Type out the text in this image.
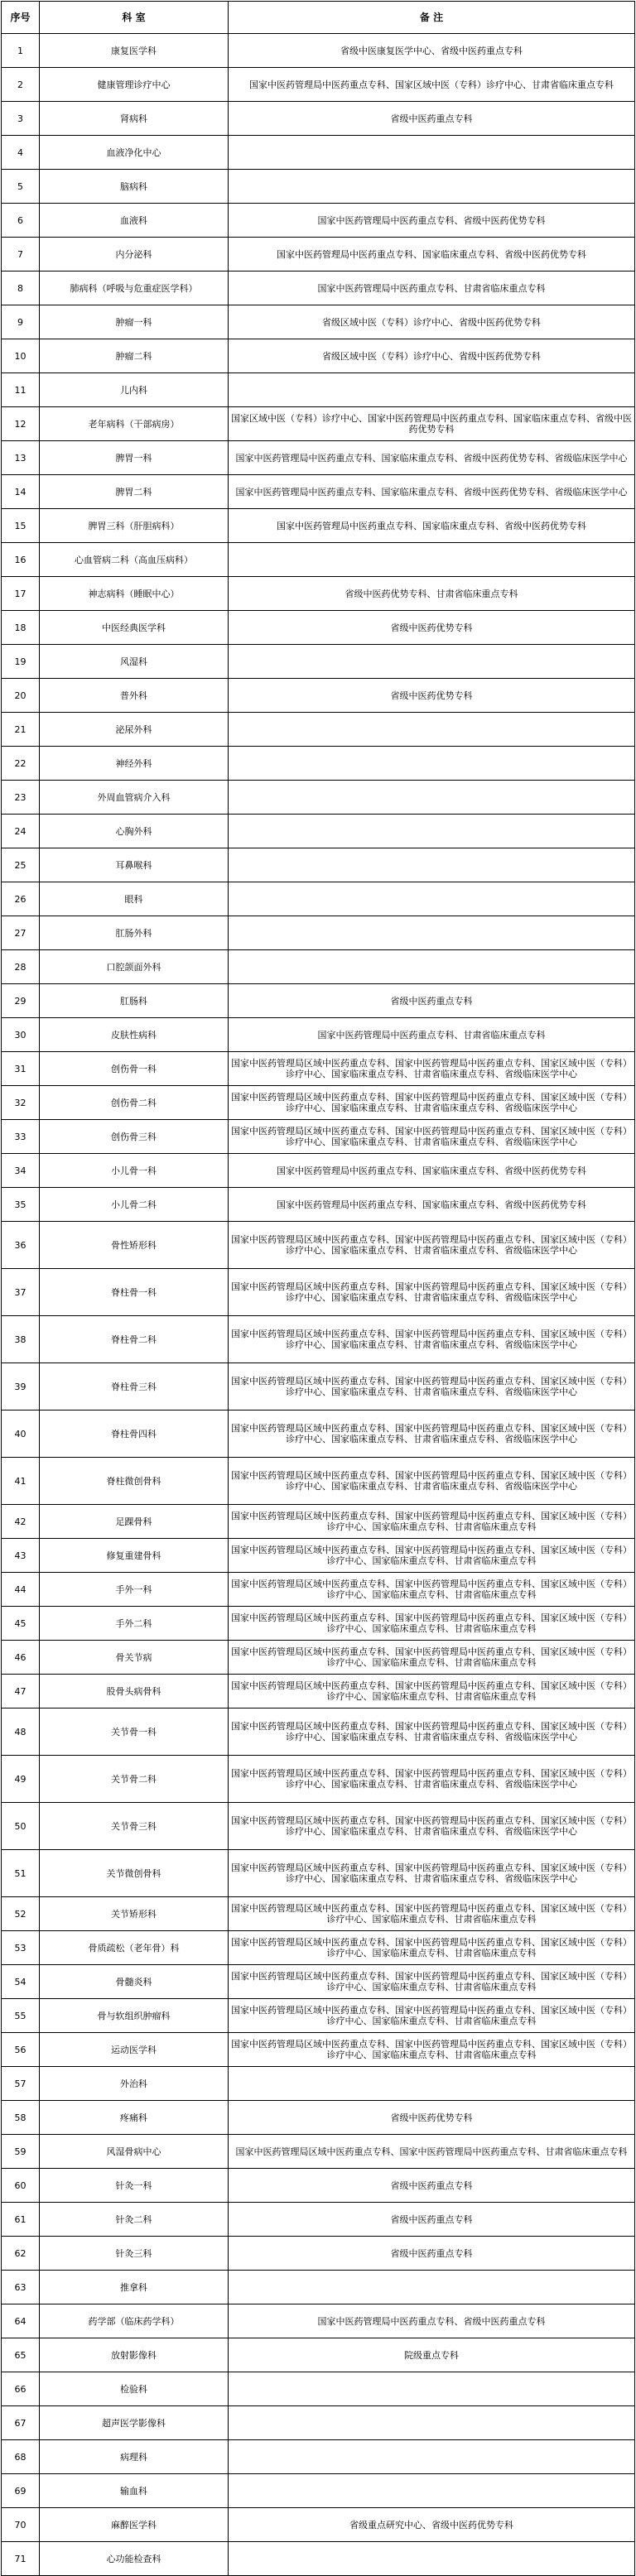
序号	科 室	备 注
1	康复医学科	省级中医康复医学中心、省级中医药重点专科
2	健康管理诊疗中心	国家中医药管理局中医药重点专科、国家区域中医（专科）诊疗中心、甘肃省临床重点专科
3	肾病科	省级中医药重点专科
4	血液净化中心	
5	脑病科	
6	血液科	国家中医药管理局中医药重点专科、省级中医药优势专科
7	内分泌科	国家中医药管理局中医药重点专科、国家临床重点专科、省级中医药优势专科
8	肺病科（呼吸与危重症医学科）	国家中医药管理局中医药重点专科、甘肃省临床重点专科
9	肿瘤一科	省级区域中医（专科）诊疗中心、省级中医药优势专科
10	肿瘤二科	省级区域中医（专科）诊疗中心、省级中医药优势专科
11	儿内科	
12	老年病科（干部病房）	国家区域中医（专科）诊疗中心、国家中医药管理局中医药重点专科、国家临床重点专科、省级中医药优势专科
13	脾胃一科	国家中医药管理局中医药重点专科、国家临床重点专科、省级中医药优势专科、省级临床医学中心
14	脾胃二科	国家中医药管理局中医药重点专科、国家临床重点专科、省级中医药优势专科、省级临床医学中心
15	脾胃三科（肝胆病科）	国家中医药管理局中医药重点专科、国家临床重点专科、省级中医药优势专科
16	心血管病二科（高血压病科）	
17	神志病科（睡眠中心）	省级中医药优势专科、甘肃省临床重点专科
18	中医经典医学科	省级中医药优势专科
19	风湿科	
20	普外科	省级中医药优势专科
21	泌尿外科	
22	神经外科	
23	外周血管病介入科	
24	心胸外科	
25	耳鼻喉科	
26	眼科	
27	肛肠外科	
28	口腔颌面外科	
29	肛肠科	省级中医药重点专科
30	皮肤性病科	国家中医药管理局中医药重点专科、甘肃省临床重点专科
31	创伤骨一科	国家中医药管理局区域中医药重点专科、国家中医药管理局中医药重点专科、国家区域中医（专科）诊疗中心、国家临床重点专科、甘肃省临床重点专科、省级临床医学中心
32	创伤骨二科	国家中医药管理局区域中医药重点专科、国家中医药管理局中医药重点专科、国家区域中医（专科）诊疗中心、国家临床重点专科、甘肃省临床重点专科、省级临床医学中心
33	创伤骨三科	国家中医药管理局区域中医药重点专科、国家中医药管理局中医药重点专科、国家区域中医（专科）诊疗中心、国家临床重点专科、甘肃省临床重点专科、省级临床医学中心
34	小儿骨一科	国家中医药管理局中医药重点专科、国家临床重点专科、省级中医药优势专科
35	小儿骨二科	国家中医药管理局中医药重点专科、国家临床重点专科、省级中医药优势专科
36	骨性矫形科	国家中医药管理局区域中医药重点专科、国家中医药管理局中医药重点专科、国家区域中医（专科）诊疗中心、国家临床重点专科、甘肃省临床重点专科、省级临床医学中心
37	脊柱骨一科	国家中医药管理局区域中医药重点专科、国家中医药管理局中医药重点专科、国家区域中医（专科）诊疗中心、国家临床重点专科、甘肃省临床重点专科、省级临床医学中心
38	脊柱骨二科	国家中医药管理局区域中医药重点专科、国家中医药管理局中医药重点专科、国家区域中医（专科）诊疗中心、国家临床重点专科、甘肃省临床重点专科、省级临床医学中心
39	脊柱骨三科	国家中医药管理局区域中医药重点专科、国家中医药管理局中医药重点专科、国家区域中医（专科）诊疗中心、国家临床重点专科、甘肃省临床重点专科、省级临床医学中心
40	脊柱骨四科	国家中医药管理局区域中医药重点专科、国家中医药管理局中医药重点专科、国家区域中医（专科）诊疗中心、国家临床重点专科、甘肃省临床重点专科、省级临床医学中心
41	脊柱微创骨科	国家中医药管理局区域中医药重点专科、国家中医药管理局中医药重点专科、国家区域中医（专科）诊疗中心、国家临床重点专科、甘肃省临床重点专科、省级临床医学中心
42	足踝骨科	国家中医药管理局区域中医药重点专科、国家中医药管理局中医药重点专科、国家区域中医（专科）诊疗中心、国家临床重点专科、甘肃省临床重点专科
43	修复重建骨科	国家中医药管理局区域中医药重点专科、国家中医药管理局中医药重点专科、国家区域中医（专科）诊疗中心、国家临床重点专科、甘肃省临床重点专科
44	手外一科	国家中医药管理局区域中医药重点专科、国家中医药管理局中医药重点专科、国家区域中医（专科）诊疗中心、国家临床重点专科、甘肃省临床重点专科
45	手外二科	国家中医药管理局区域中医药重点专科、国家中医药管理局中医药重点专科、国家区域中医（专科）诊疗中心、国家临床重点专科、甘肃省临床重点专科
46	骨关节病	国家中医药管理局区域中医药重点专科、国家中医药管理局中医药重点专科、国家区域中医（专科）诊疗中心、国家临床重点专科、甘肃省临床重点专科
47	股骨头病骨科	国家中医药管理局区域中医药重点专科、国家中医药管理局中医药重点专科、国家区域中医（专科）诊疗中心、国家临床重点专科、甘肃省临床重点专科
48	关节骨一科	国家中医药管理局区域中医药重点专科、国家中医药管理局中医药重点专科、国家区域中医（专科）诊疗中心、国家临床重点专科、甘肃省临床重点专科、省级临床医学中心
49	关节骨二科	国家中医药管理局区域中医药重点专科、国家中医药管理局中医药重点专科、国家区域中医（专科）诊疗中心、国家临床重点专科、甘肃省临床重点专科、省级临床医学中心
50	关节骨三科	国家中医药管理局区域中医药重点专科、国家中医药管理局中医药重点专科、国家区域中医（专科）诊疗中心、国家临床重点专科、甘肃省临床重点专科、省级临床医学中心
51	关节微创骨科	国家中医药管理局区域中医药重点专科、国家中医药管理局中医药重点专科、国家区域中医（专科）诊疗中心、国家临床重点专科、甘肃省临床重点专科、省级临床医学中心
52	关节矫形科	国家中医药管理局区域中医药重点专科、国家中医药管理局中医药重点专科、国家区域中医（专科）诊疗中心、国家临床重点专科、甘肃省临床重点专科
53	骨质疏松（老年骨）科	国家中医药管理局区域中医药重点专科、国家中医药管理局中医药重点专科、国家区域中医（专科）诊疗中心、国家临床重点专科、甘肃省临床重点专科
54	骨髓炎科	国家中医药管理局区域中医药重点专科、国家中医药管理局中医药重点专科、国家区域中医（专科）诊疗中心、国家临床重点专科、甘肃省临床重点专科
55	骨与软组织肿瘤科	国家中医药管理局区域中医药重点专科、国家中医药管理局中医药重点专科、国家区域中医（专科）诊疗中心、国家临床重点专科、甘肃省临床重点专科
56	运动医学科	国家中医药管理局区域中医药重点专科、国家中医药管理局中医药重点专科、国家区域中医（专科）诊疗中心、国家临床重点专科、甘肃省临床重点专科
57	外治科	
58	疼痛科	省级中医药优势专科
59	风湿骨病中心	国家中医药管理局区域中医药重点专科、国家中医药管理局中医药重点专科、甘肃省临床重点专科
60	针灸一科	省级中医药重点专科
61	针灸二科	省级中医药重点专科
62	针灸三科	省级中医药重点专科
63	推拿科	
64	药学部（临床药学科）	国家中医药管理局中医药重点专科、省级中医药重点专科
65	放射影像科	院级重点专科
66	检验科	
67	超声医学影像科	
68	病理科	
69	输血科	
70	麻醉医学科	省级重点研究中心、省级中医药优势专科
71	心功能检查科	
